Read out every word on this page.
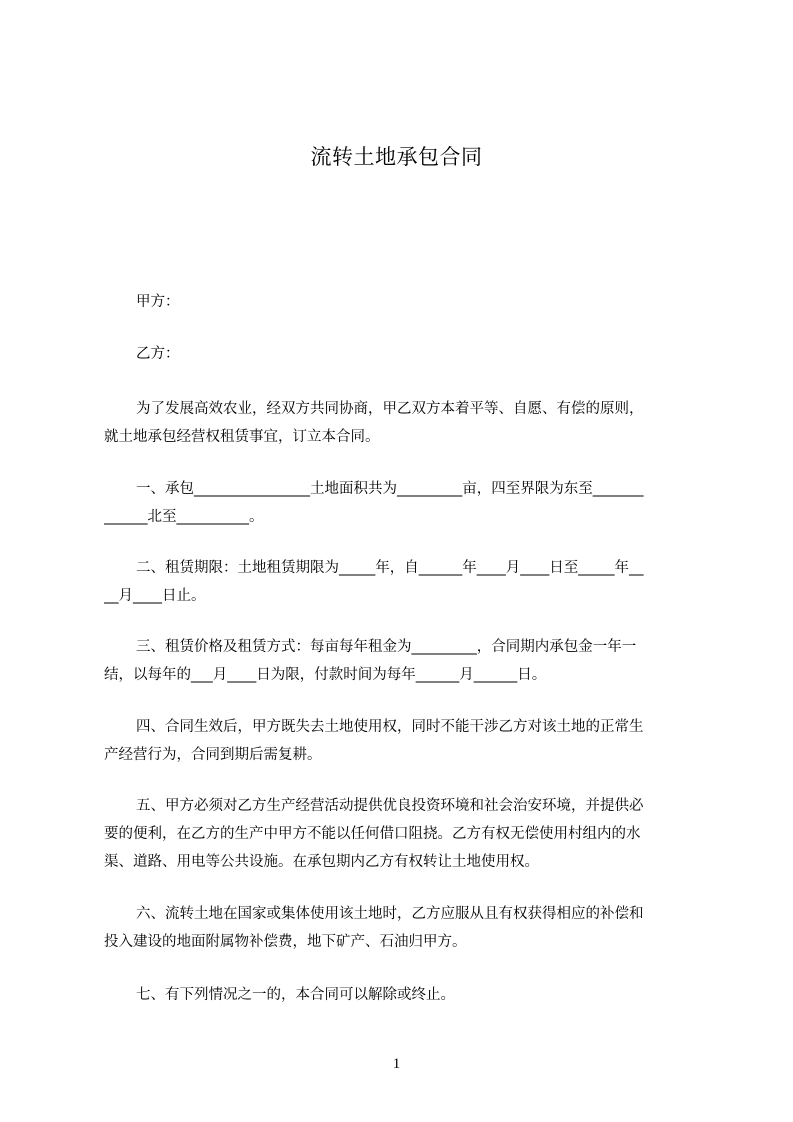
流转土地承包合同
甲方：
乙方：
为了发展高效农业，经双方共同协商，甲乙双方本着平等、自愿、有偿的原则，
就土地承包经营权租赁事宜，订立本合同。
一、承包________________土地面积共为_________亩，四至界限为东至_______
______北至__________。
二、租赁期限：土地租赁期限为_____年，自______年____月____日至_____年__
__月____日止。
三、租赁价格及租赁方式：每亩每年租金为_________，合同期内承包金一年一
结，以每年的___月____日为限，付款时间为每年______月______日。
四、合同生效后，甲方既失去土地使用权，同时不能干涉乙方对该土地的正常生
产经营行为，合同到期后需复耕。
五、甲方必须对乙方生产经营活动提供优良投资环境和社会治安环境，并提供必
要的便利，在乙方的生产中甲方不能以任何借口阻挠。乙方有权无偿使用村组内的水
渠、道路、用电等公共设施。在承包期内乙方有权转让土地使用权。
六、流转土地在国家或集体使用该土地时，乙方应服从且有权获得相应的补偿和
投入建设的地面附属物补偿费，地下矿产、石油归甲方。
七、有下列情况之一的，本合同可以解除或终止。
1
